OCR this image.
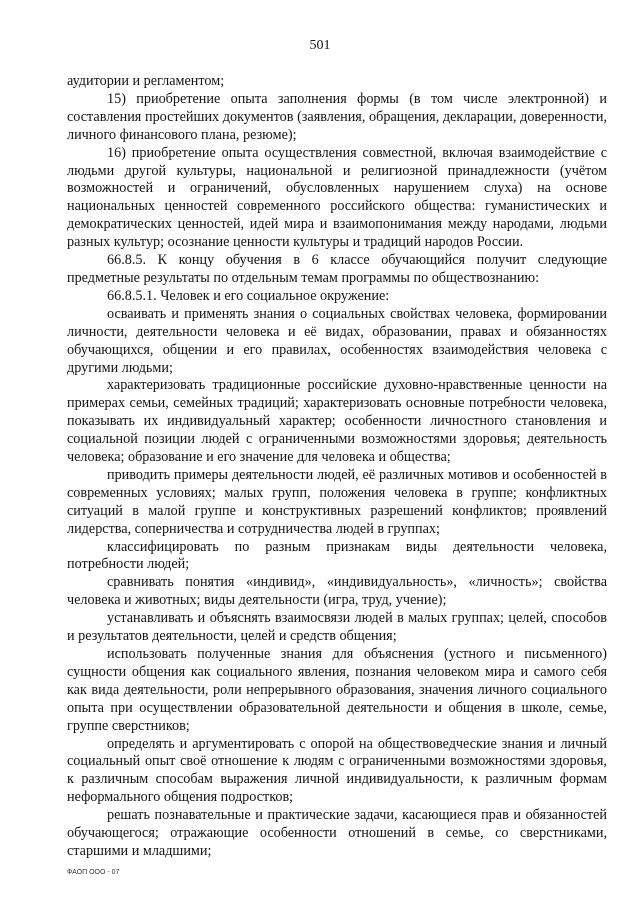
501

аудитории и регламентом;

15) приобретение опыта заполнения формы (в том числе электронной) и составления простейших документов (заявления, обращения, декларации, доверенности, личного финансового плана, резюме);

16) приобретение опыта осуществления совместной, включая взаимодействие с людьми другой культуры, национальной и религиозной принадлежности (учётом возможностей и ограничений, обусловленных нарушением слуха) на основе национальных ценностей современного российского общества: гуманистических и демократических ценностей, идей мира и взаимопонимания между народами, людьми разных культур; осознание ценности культуры и традиций народов России.

66.8.5. К концу обучения в 6 классе обучающийся получит следующие предметные результаты по отдельным темам программы по обществознанию:

66.8.5.1. Человек и его социальное окружение:

осваивать и применять знания о социальных свойствах человека, формировании личности, деятельности человека и её видах, образовании, правах и обязанностях обучающихся, общении и его правилах, особенностях взаимодействия человека с другими людьми;

характеризовать традиционные российские духовно-нравственные ценности на примерах семьи, семейных традиций; характеризовать основные потребности человека, показывать их индивидуальный характер; особенности личностного становления и социальной позиции людей с ограниченными возможностями здоровья; деятельность человека; образование и его значение для человека и общества;

приводить примеры деятельности людей, её различных мотивов и особенностей в современных условиях; малых групп, положения человека в группе; конфликтных ситуаций в малой группе и конструктивных разрешений конфликтов; проявлений лидерства, соперничества и сотрудничества людей в группах;

классифицировать по разным признакам виды деятельности человека, потребности людей;

сравнивать понятия «индивид», «индивидуальность», «личность»; свойства человека и животных; виды деятельности (игра, труд, учение);

устанавливать и объяснять взаимосвязи людей в малых группах; целей, способов и результатов деятельности, целей и средств общения;

использовать полученные знания для объяснения (устного и письменного) сущности общения как социального явления, познания человеком мира и самого себя как вида деятельности, роли непрерывного образования, значения личного социального опыта при осуществлении образовательной деятельности и общения в школе, семье, группе сверстников;

определять и аргументировать с опорой на обществоведческие знания и личный социальный опыт своё отношение к людям с ограниченными возможностями здоровья, к различным способам выражения личной индивидуальности, к различным формам неформального общения подростков;

решать познавательные и практические задачи, касающиеся прав и обязанностей обучающегося; отражающие особенности отношений в семье, со сверстниками, старшими и младшими;

ФАОП ООО - 07
